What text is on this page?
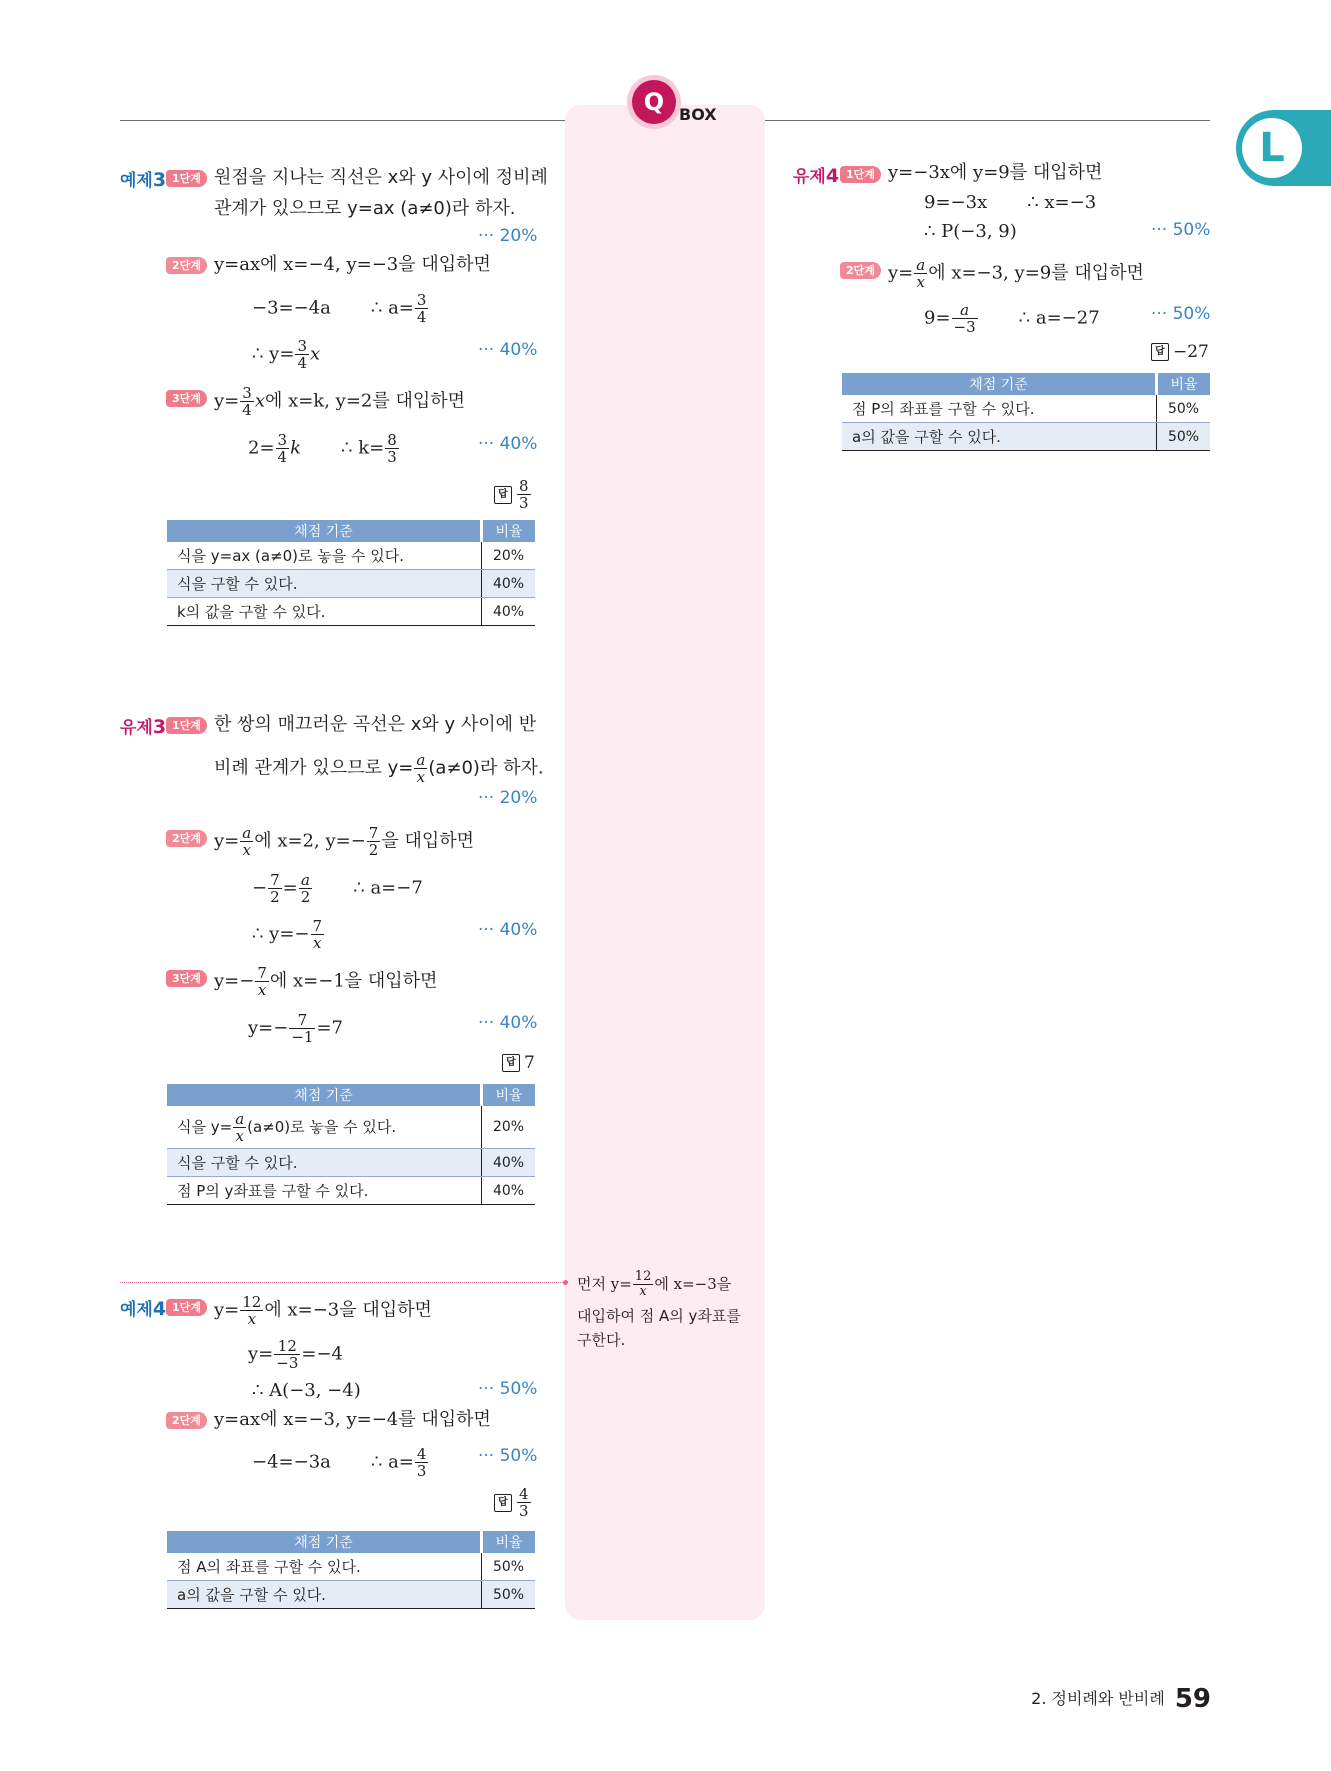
Q BOX
L
예제3 1단계 원점을 지나는 직선은 x와 y 사이에 정비례
관계가 있으므로 y=ax (a≠0)라 하자.
··· 20%
2단계 y=ax에 x=−4, y=−3을 대입하면
−3=−4a ∴ $a= \frac{3}{4}$
∴ $y= \frac{3}{4}$ x	··· 40%
3단계 $y= \frac{3}{4}$ x에 x=k, y=2를 대입하면
$2= \frac{3}{4}$ k ∴ $k= \frac{8}{3}$	··· 40%
답 $\frac{8}{3}$
채점 기준	비율
식을 y=ax (a≠0)로 놓을 수 있다.	20%
식을 구할 수 있다.	40%
k의 값을 구할 수 있다.	40%
유제3 1단계 한 쌍의 매끄러운 곡선은 x와 y 사이에 반
비례 관계가 있으므로 $y= \frac{a}{x} (a\ne 0)$라 하자.
··· 20%
2단계 $y= \frac{a}{x}$ 에 x=2, $y=- \frac{7}{2}$ 을 대입하면
− $\frac{7}{2} = \frac{a}{2}$ ∴ a=−7
∴ $y=- \frac{7}{x}$	··· 40%
3단계 $y=- \frac{7}{x}$ 에 x=−1을 대입하면
$y=- \frac{7}{-1} =7$	··· 40%
답 7
채점 기준	비율
식을 $y= \frac{a}{x} (a\ne 0)$로 놓을 수 있다.	20%
식을 구할 수 있다.	40%
점 P의 y좌표를 구할 수 있다.	40%
예제4 1단계 $y= \frac{12}{x}$ 에 x=−3을 대입하면
$y= \frac{12}{-3} =-4$
∴ A(−3, −4)	··· 50%
2단계 y=ax에 x=−3, y=−4를 대입하면
−4=−3a ∴ $a= \frac{4}{3}$	··· 50%
답 $\frac{4}{3}$
채점 기준	비율
점 A의 좌표를 구할 수 있다.	50%
a의 값을 구할 수 있다.	50%
먼저 $y= \frac{12}{x}$ 에 x=−3을
대입하여 점 A의 y좌표를
구한다.
유제4 1단계 y=−3x에 y=9를 대입하면
9=−3x ∴ x=−3
∴ P(−3, 9)	··· 50%
2단계 $y= \frac{a}{x}$ 에 x=−3, y=9를 대입하면
$9= \frac{a}{-3}$ ∴ a=−27	··· 50%
답 −27
채점 기준	비율
점 P의 좌표를 구할 수 있다.	50%
a의 값을 구할 수 있다.	50%
2. 정비례와 반비례 59
